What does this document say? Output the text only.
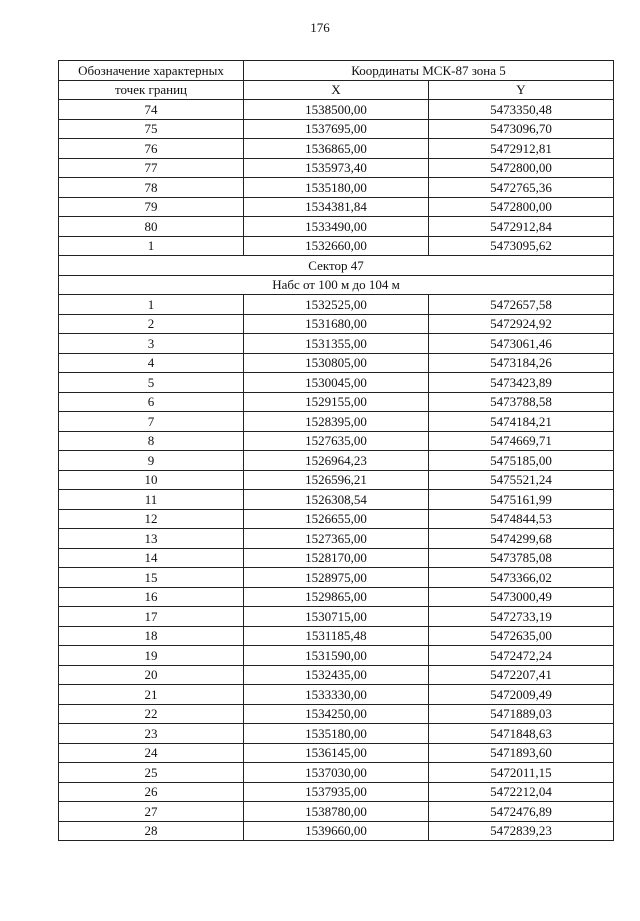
176
Обозначение характерных	Координаты МСК-87 зона 5	
точек границ	X	Y
74	1538500,00	5473350,48
75	1537695,00	5473096,70
76	1536865,00	5472912,81
77	1535973,40	5472800,00
78	1535180,00	5472765,36
79	1534381,84	5472800,00
80	1533490,00	5472912,84
1	1532660,00	5473095,62
Сектор 47		
Набс от 100 м до 104 м		
1	1532525,00	5472657,58
2	1531680,00	5472924,92
3	1531355,00	5473061,46
4	1530805,00	5473184,26
5	1530045,00	5473423,89
6	1529155,00	5473788,58
7	1528395,00	5474184,21
8	1527635,00	5474669,71
9	1526964,23	5475185,00
10	1526596,21	5475521,24
11	1526308,54	5475161,99
12	1526655,00	5474844,53
13	1527365,00	5474299,68
14	1528170,00	5473785,08
15	1528975,00	5473366,02
16	1529865,00	5473000,49
17	1530715,00	5472733,19
18	1531185,48	5472635,00
19	1531590,00	5472472,24
20	1532435,00	5472207,41
21	1533330,00	5472009,49
22	1534250,00	5471889,03
23	1535180,00	5471848,63
24	1536145,00	5471893,60
25	1537030,00	5472011,15
26	1537935,00	5472212,04
27	1538780,00	5472476,89
28	1539660,00	5472839,23
